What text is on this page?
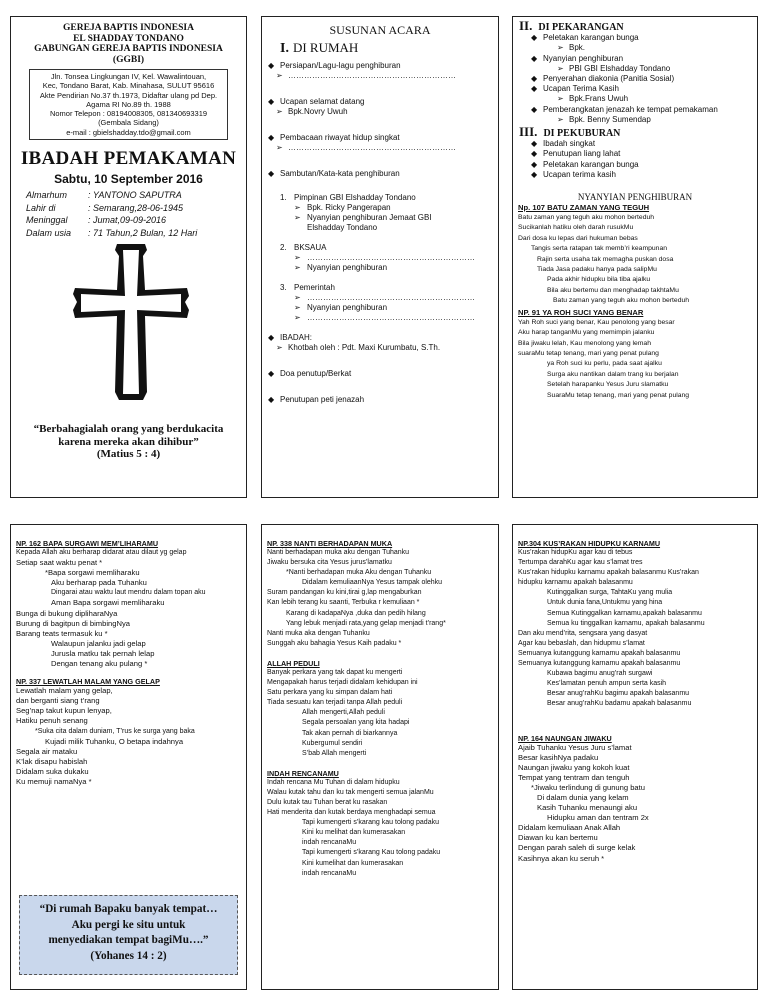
GEREJA BAPTIS INDONESIA
EL SHADDAY TONDANO
GABUNGAN GEREJA BAPTIS INDONESIA
(GGBI)
Jln. Tonsea Lingkungan IV, Kel. Wawalintouan,
Kec, Tondano Barat, Kab. Minahasa, SULUT 95616
Akte Pendirian No.37 th.1973, Didaftar ulang pd Dep.
Agama RI No.89 th. 1988
Nomor Telepon : 08194008305, 081340693319
(Gembala Sidang)
e-mail : gbielshadday.tdo@gmail.com
IBADAH PEMAKAMAN
Sabtu, 10 September 2016
Almarhum	: YANTONO SAPUTRA
Lahir di	: Semarang,28-06-1945
Meninggal	: Jumat,09-09-2016
Dalam usia	: 71 Tahun,2 Bulan, 12 Hari
“Berbahagialah orang yang berdukacita
karena mereka akan dihibur”
(Matius 5 : 4)
SUSUNAN ACARA
I. DI RUMAH
◆ Persiapan/Lagu-lagu penghiburan
➢ ………………………………………………………
◆ Ucapan selamat datang
➢ Bpk.Novry Uwuh
◆ Pembacaan riwayat hidup singkat
➢ ………………………………………………………
◆ Sambutan/Kata-kata penghiburan
1. Pimpinan GBI Elshadday Tondano
➢ Bpk. Ricky Pangerapan
➢ Nyanyian penghiburan Jemaat GBI
Elshadday Tondano
2. BKSAUA
➢ ………………………………………………………
➢ Nyanyian penghiburan
3. Pemerintah
➢ ………………………………………………………
➢ Nyanyian penghiburan
➢ ………………………………………………………
◆ IBADAH:
➢ Khotbah oleh : Pdt. Maxi Kurumbatu, S.Th.
◆ Doa penutup/Berkat
◆ Penutupan peti jenazah
II. DI PEKARANGAN
◆ Peletakan karangan bunga
➢ Bpk.
◆ Nyanyian penghiburan
➢ PBI GBI Elshadday Tondano
◆ Penyerahan diakonia (Panitia Sosial)
◆ Ucapan Terima Kasih
➢ Bpk.Frans Uwuh
◆ Pemberangkatan jenazah ke tempat pemakaman
➢ Bpk. Benny Sumendap
III. DI PEKUBURAN
◆ Ibadah singkat
◆ Penutupan liang lahat
◆ Peletakan karangan bunga
◆ Ucapan terima kasih
NYANYIAN PENGHIBURAN
Np. 107 BATU ZAMAN YANG TEGUH
Batu zaman yang teguh aku mohon berteduh
Sucikanlah hatiku oleh darah rusukMu
Dari dosa ku lepas dari hukuman bebas
Tangis serta ratapan tak memb’ri keampunan
Rajin serta usaha tak memagha puskan dosa
Tiada Jasa padaku hanya pada salipMu
Pada akhir hidupku bila tiba ajalku
Bila aku bertemu dan menghadap takhtaMu
Batu zaman yang teguh aku mohon berteduh
NP. 91 YA ROH SUCI YANG BENAR
Yah Roh suci yang benar, Kau penolong yang besar
Aku harap tanganMu yang memimpin jalanku
Bila jiwaku lelah, Kau menolong yang lemah
suaraMu tetap tenang, mari yang penat pulang
ya Roh suci ku perlu, pada saat ajalku
Surga aku nantikan dalam trang ku berjalan
Setelah harapanku Yesus Juru slamatku
SuaraMu tetap tenang, mari yang penat pulang
NP. 162 BAPA SURGAWI MEM’LIHARAMU
Kepada Allah aku berharap didarat atau dilaut yg gelap
Setiap saat waktu penat *
*Bapa sorgawi memliharaku
Aku berharap pada Tuhanku
Dingarai atau waktu laut mendru dalam topan aku
Aman Bapa sorgawi memliharaku
Bunga di bukung dipliharaNya
Burung di bagitpun di bimbingNya
Barang teats termasuk ku *
Walaupun jalanku jadi gelap
Jurusla matku tak pernah lelap
Dengan tenang aku pulang *
NP. 337 LEWATLAH MALAM YANG GELAP
Lewatlah malam yang gelap,
dan berganti siang t’rang
Seg’nap takut kupun lenyap,
Hatiku penuh senang
*Suka cita dalam duniam, T’rus ke surga yang baka
Kujadi milik Tuhanku, O betapa indahnya
Segala air mataku
K’lak disapu habislah
Didalam suka dukaku
Ku memuji namaNya *
“Di rumah Bapaku banyak tempat…
Aku pergi ke situ untuk
menyediakan tempat bagiMu….”
(Yohanes 14 : 2)
NP. 338 NANTI BERHADAPAN MUKA
Nanti berhadapan muka aku dengan Tuhanku
Jiwaku bersuka cita Yesus jurus’lamatku
*Nanti berhadapan muka Aku dengan Tuhanku
Didalam kemuliaanNya Yesus tampak olehku
Suram pandangan ku kini,tirai g,lap mengaburkan
Kan lebih terang ku saanti, Terbuka r kemuliaan *
Karang di kadapaNya ,duka dan pedih hilang
Yang lebuk menjadi rata,yang gelap menjadi t’rang*
Nanti muka aka dengan Tuhanku
Sunggah aku bahagia Yesus Kaih padaku *
ALLAH PEDULI
Banyak perkara yang tak dapat ku mengerti
Mengapakah harus terjadi didalam kehidupan ini
Satu perkara yang ku simpan dalam hati
Tiada sesuatu kan terjadi tanpa Allah peduli
Allah mengerti,Allah peduli
Segala persoalan yang kita hadapi
Tak akan pernah di biarkannya
Kubergumul sendiri
S’bab Allah mengerti
INDAH RENCANAMU
Indah rencana Mu Tuhan di dalam hidupku
Walau kutak tahu dan ku tak mengerti semua jalanMu
Dulu kutak tau Tuhan berat ku rasakan
Hati menderita dan kutak berdaya menghadapi semua
Tapi kumengerti s’karang kau tolong padaku
Kini ku melihat dan kumerasakan
indah rencanaMu
Tapi kumengerti s’karang Kau tolong padaku
Kini kumelihat dan kumerasakan
indah rencanaMu
NP.304 KUS’RAKAN HIDUPKU KARNAMU
Kus’rakan hidupKu agar kau di tebus
Tertumpa darahKu agar kau s’lamat tres
Kus’rakan hidupku karnamu apakah balasanmu Kus’rakan
hidupku karnamu apakah balasanmu
Kutinggalkan surga, TahtaKu yang mulia
Untuk dunia fana,Untukmu yang hina
Semua Kutinggalkan karnamu,apakah balasanmu
Semua ku tinggalkan karnamu, apakah balasanmu
Dan aku mend’rita, sengsara yang dasyat
Agar kau bebaslah, dan hidupmu s’lamat
Semuanya kutanggung karnamu apakah balasanmu
Semuanya kutanggung karnamu apakah balasanmu
Kubawa bagimu anug’rah surgawi
Kes’lamatan penuh ampun serta kasih
Besar anug’rahKu bagimu apakah balasanmu
Besar anug’rahKu badamu apakah balasanmu
NP. 164 NAUNGAN JIWAKU
Ajaib Tuhanku Yesus Juru s’lamat
Besar kasihNya padaku
Naungan jiwaku yang kokoh kuat
Tempat yang tentram dan tenguh
*Jiwaku terlindung di gunung batu
Di dalam dunia yang kelam
Kasih Tuhanku menaungi aku
Hidupku aman dan tentram 2x
Didalam kemuliaan Anak Allah
Diawan ku kan bertemu
Dengan parah saleh di surge kelak
Kasihnya akan ku seruh *
